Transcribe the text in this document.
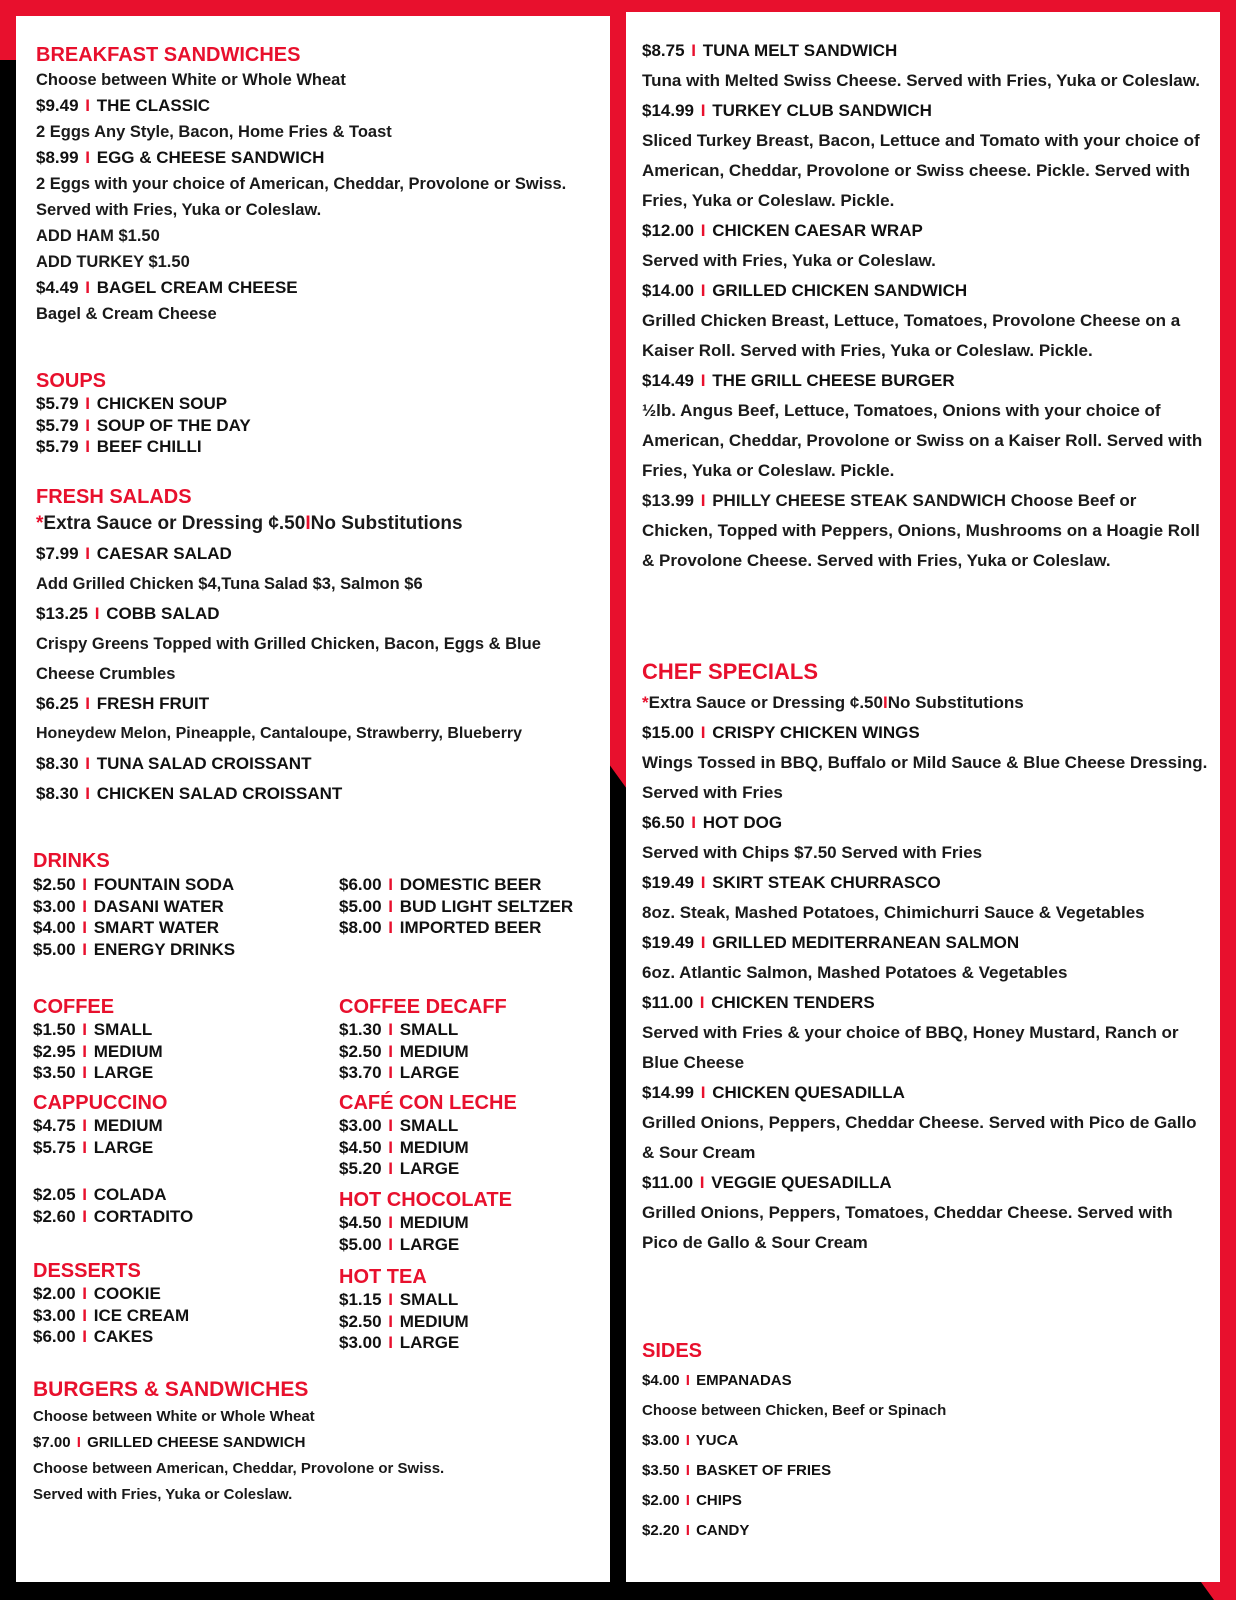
BREAKFAST SANDWICHES

Choose between White or Whole Wheat

$9.49 I THE CLASSIC

2 Eggs Any Style, Bacon, Home Fries & Toast

$8.99 I EGG & CHEESE SANDWICH

2 Eggs with your choice of American, Cheddar, Provolone or Swiss. Served with Fries, Yuka or Coleslaw.

ADD HAM $1.50

ADD TURKEY $1.50

$4.49 I BAGEL CREAM CHEESE

Bagel & Cream Cheese

SOUPS

$5.79 I CHICKEN SOUP

$5.79 I SOUP OF THE DAY

$5.79 I BEEF CHILLI

FRESH SALADS

*Extra Sauce or Dressing ¢.50INo Substitutions

$7.99 I CAESAR SALAD

Add Grilled Chicken $4,Tuna Salad $3, Salmon $6

$13.25 I COBB SALAD

Crispy Greens Topped with Grilled Chicken, Bacon, Eggs & Blue Cheese Crumbles

$6.25 I FRESH FRUIT

Honeydew Melon, Pineapple, Cantaloupe, Strawberry, Blueberry

$8.30 I TUNA SALAD CROISSANT

$8.30 I CHICKEN SALAD CROISSANT

DRINKS

$2.50 I FOUNTAIN SODA

$3.00 I DASANI WATER

$4.00 I SMART WATER

$5.00 I ENERGY DRINKS

$6.00 I DOMESTIC BEER

$5.00 I BUD LIGHT SELTZER

$8.00 I IMPORTED BEER

COFFEE

$1.50 I SMALL

$2.95 I MEDIUM

$3.50 I LARGE

CAPPUCCINO

$4.75 I MEDIUM

$5.75 I LARGE

$2.05 I COLADA

$2.60 I CORTADITO

DESSERTS

$2.00 I COOKIE

$3.00 I ICE CREAM

$6.00 I CAKES

COFFEE DECAFF

$1.30 I SMALL

$2.50 I MEDIUM

$3.70 I LARGE

CAFÉ CON LECHE

$3.00 I SMALL

$4.50 I MEDIUM

$5.20 I LARGE

HOT CHOCOLATE

$4.50 I MEDIUM

$5.00 I LARGE

HOT TEA

$1.15 I SMALL

$2.50 I MEDIUM

$3.00 I LARGE

BURGERS & SANDWICHES

Choose between White or Whole Wheat

$7.00 I GRILLED CHEESE SANDWICH

Choose between American, Cheddar, Provolone or Swiss.

Served with Fries, Yuka or Coleslaw.

$8.75 I TUNA MELT SANDWICH

Tuna with Melted Swiss Cheese. Served with Fries, Yuka or Coleslaw.

$14.99 I TURKEY CLUB SANDWICH

Sliced Turkey Breast, Bacon, Lettuce and Tomato with your choice of American, Cheddar, Provolone or Swiss cheese. Pickle. Served with Fries, Yuka or Coleslaw. Pickle.

$12.00 I CHICKEN CAESAR WRAP

Served with Fries, Yuka or Coleslaw.

$14.00 I GRILLED CHICKEN SANDWICH

Grilled Chicken Breast, Lettuce, Tomatoes, Provolone Cheese on a Kaiser Roll. Served with Fries, Yuka or Coleslaw. Pickle.

$14.49 I THE GRILL CHEESE BURGER

½lb. Angus Beef, Lettuce, Tomatoes, Onions with your choice of American, Cheddar, Provolone or Swiss on a Kaiser Roll. Served with Fries, Yuka or Coleslaw. Pickle.

$13.99 I PHILLY CHEESE STEAK SANDWICH Choose Beef or Chicken, Topped with Peppers, Onions, Mushrooms on a Hoagie Roll & Provolone Cheese. Served with Fries, Yuka or Coleslaw.

CHEF SPECIALS

*Extra Sauce or Dressing ¢.50INo Substitutions

$15.00 I CRISPY CHICKEN WINGS

Wings Tossed in BBQ, Buffalo or Mild Sauce & Blue Cheese Dressing. Served with Fries

$6.50 I HOT DOG

Served with Chips $7.50 Served with Fries

$19.49 I SKIRT STEAK CHURRASCO

8oz. Steak, Mashed Potatoes, Chimichurri Sauce & Vegetables

$19.49 I GRILLED MEDITERRANEAN SALMON

6oz. Atlantic Salmon, Mashed Potatoes & Vegetables

$11.00 I CHICKEN TENDERS

Served with Fries & your choice of BBQ, Honey Mustard, Ranch or Blue Cheese

$14.99 I CHICKEN QUESADILLA

Grilled Onions, Peppers, Cheddar Cheese. Served with Pico de Gallo & Sour Cream

$11.00 I VEGGIE QUESADILLA

Grilled Onions, Peppers, Tomatoes, Cheddar Cheese. Served with Pico de Gallo & Sour Cream

SIDES

$4.00 I EMPANADAS

Choose between Chicken, Beef or Spinach

$3.00 I YUCA

$3.50 I BASKET OF FRIES

$2.00 I CHIPS

$2.20 I CANDY
